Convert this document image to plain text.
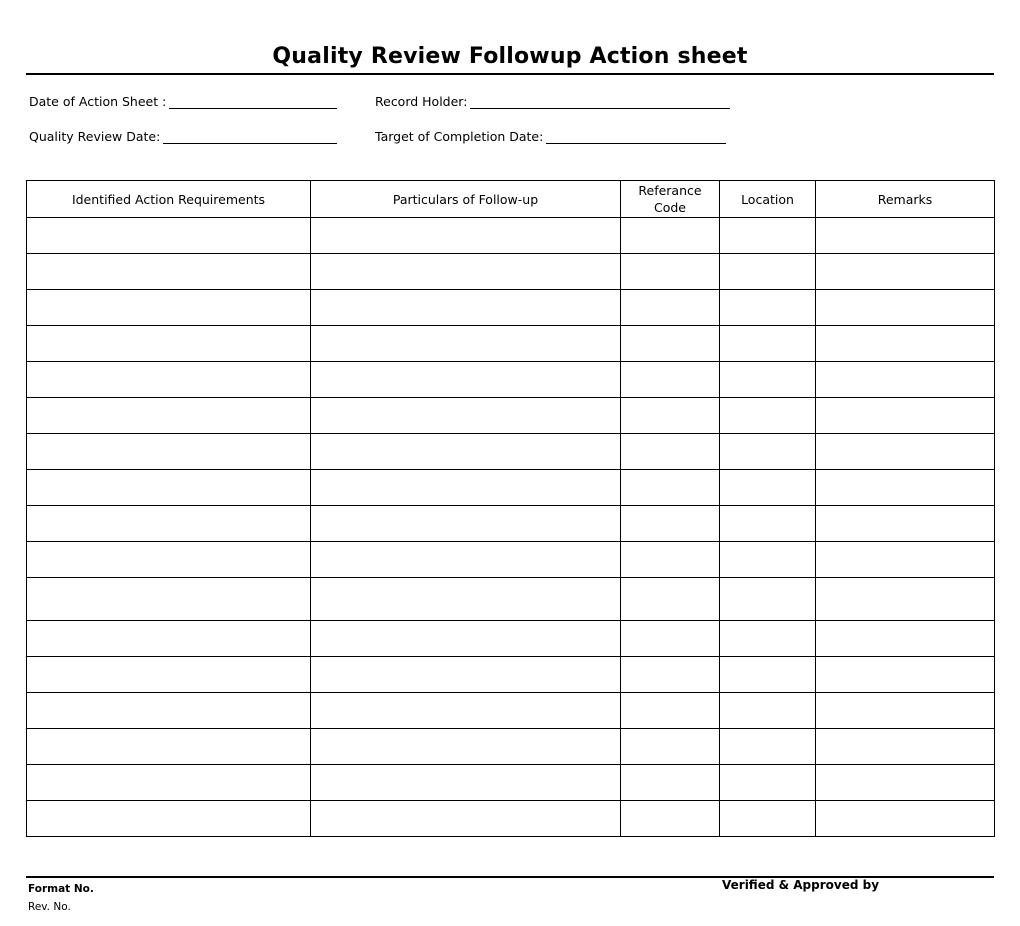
Quality Review Followup Action sheet
Date of Action Sheet :	Record Holder:
Quality Review Date:	Target of Completion Date:
Identified Action Requirements	Particulars of Follow-up	Referance Code	Location	Remarks

Format No.
Rev. No.
Verified & Approved by
